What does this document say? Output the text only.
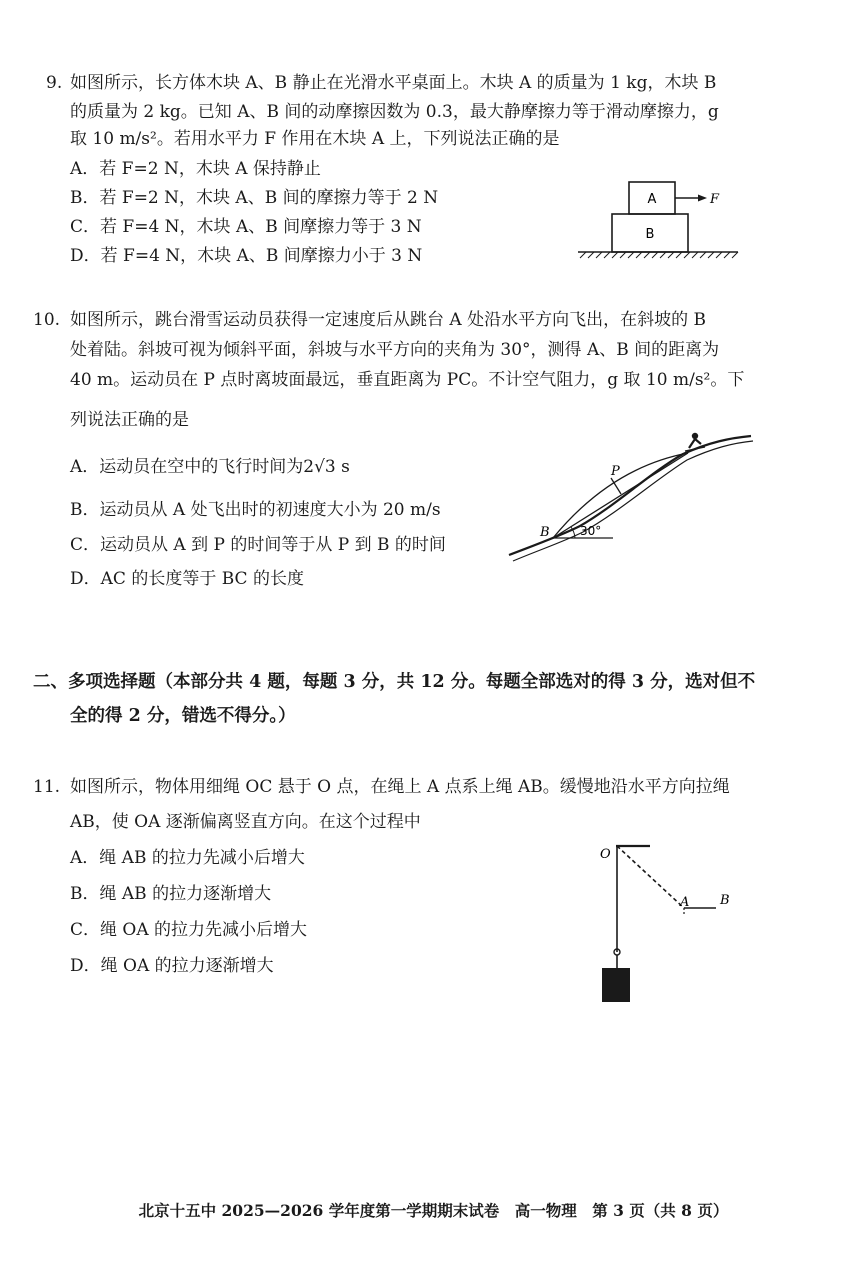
9. 如图所示，长方体木块 A、B 静止在光滑水平桌面上。木块 A 的质量为 1 kg，木块 B
的质量为 2 kg。已知 A、B 间的动摩擦因数为 0.3，最大静摩擦力等于滑动摩擦力，g
取 10 m/s²。若用水平力 F 作用在木块 A 上，下列说法正确的是
A．若 F=2 N，木块 A 保持静止
B．若 F=2 N，木块 A、B 间的摩擦力等于 2 N
C．若 F=4 N，木块 A、B 间摩擦力等于 3 N
D．若 F=4 N，木块 A、B 间摩擦力小于 3 N
A
B
F
10. 如图所示，跳台滑雪运动员获得一定速度后从跳台 A 处沿水平方向飞出，在斜坡的 B
处着陆。斜坡可视为倾斜平面，斜坡与水平方向的夹角为 30°，测得 A、B 间的距离为
40 m。运动员在 P 点时离坡面最远，垂直距离为 PC。不计空气阻力，g 取 10 m/s²。下
列说法正确的是
A．运动员在空中的飞行时间为2√3 s
B．运动员从 A 处飞出时的初速度大小为 20 m/s
C．运动员从 A 到 P 的时间等于从 P 到 B 的时间
D．AC 的长度等于 BC 的长度
P
B	30°
二、多项选择题（本部分共 4 题，每题 3 分，共 12 分。每题全部选对的得 3 分，选对但不
全的得 2 分，错选不得分。）
11. 如图所示，物体用细绳 OC 悬于 O 点，在绳上 A 点系上绳 AB。缓慢地沿水平方向拉绳
AB，使 OA 逐渐偏离竖直方向。在这个过程中
A．绳 AB 的拉力先减小后增大
B．绳 AB 的拉力逐渐增大
C．绳 OA 的拉力先减小后增大
D．绳 OA 的拉力逐渐增大
O
A B
北京十五中 2025—2026 学年度第一学期期末试卷　高一物理　第 3 页（共 8 页）
